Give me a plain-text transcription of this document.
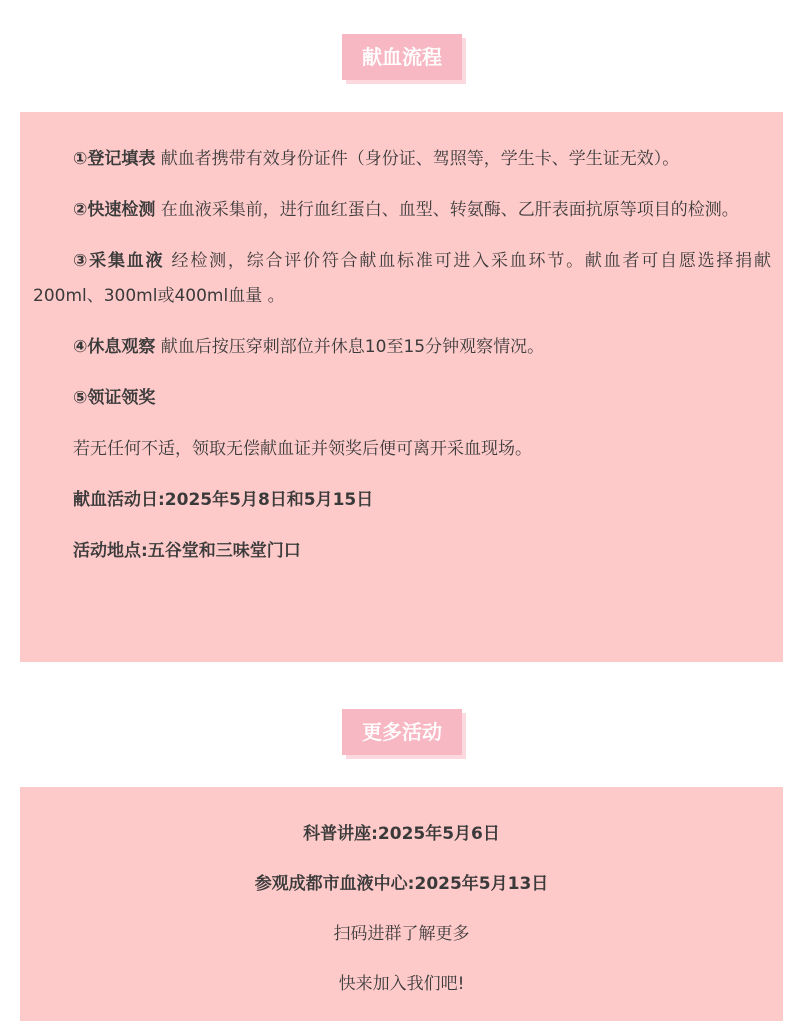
献血流程

①登记填表 献血者携带有效身份证件（身份证、驾照等，学生卡、学生证无效）。

②快速检测 在血液采集前，进行血红蛋白、血型、转氨酶、乙肝表面抗原等项目的检测。

③采集血液 经检测，综合评价符合献血标准可进入采血环节。献血者可自愿选择捐献200ml、300ml或400ml血量 。

④休息观察 献血后按压穿刺部位并休息10至15分钟观察情况。

⑤领证领奖

若无任何不适，领取无偿献血证并领奖后便可离开采血现场。

献血活动日:2025年5月8日和5月15日

活动地点:五谷堂和三味堂门口

更多活动

科普讲座:2025年5月6日

参观成都市血液中心:2025年5月13日

扫码进群了解更多

快来加入我们吧!
